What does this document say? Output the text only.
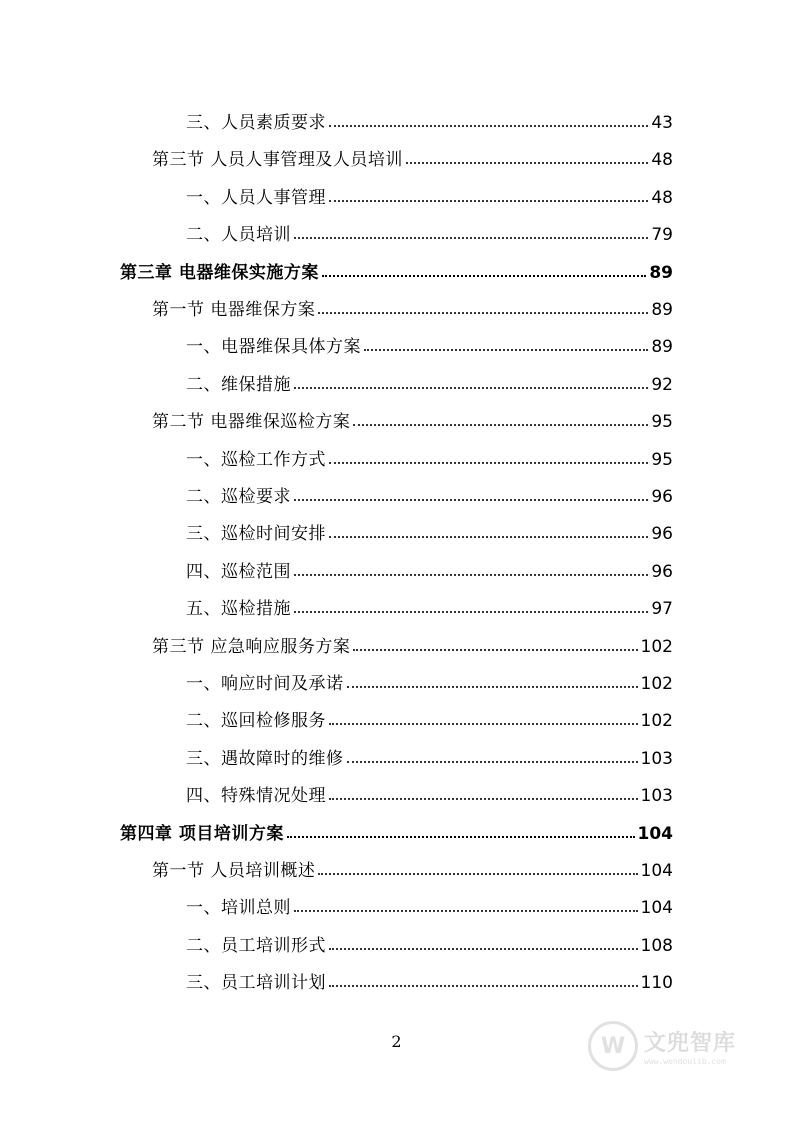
三、人员素质要求	43
第三节 人员人事管理及人员培训	48
一、人员人事管理	48
二、人员培训	79
第三章 电器维保实施方案	89
第一节 电器维保方案	89
一、电器维保具体方案	89
二、维保措施	92
第二节 电器维保巡检方案	95
一、巡检工作方式	95
二、巡检要求	96
三、巡检时间安排	96
四、巡检范围	96
五、巡检措施	97
第三节 应急响应服务方案	102
一、响应时间及承诺	102
二、巡回检修服务	102
三、遇故障时的维修	103
四、特殊情况处理	103
第四章 项目培训方案	104
第一节 人员培训概述	104
一、培训总则	104
二、员工培训形式	108
三、员工培训计划	110
2	W 文兜智库
www.wendoulib.com
